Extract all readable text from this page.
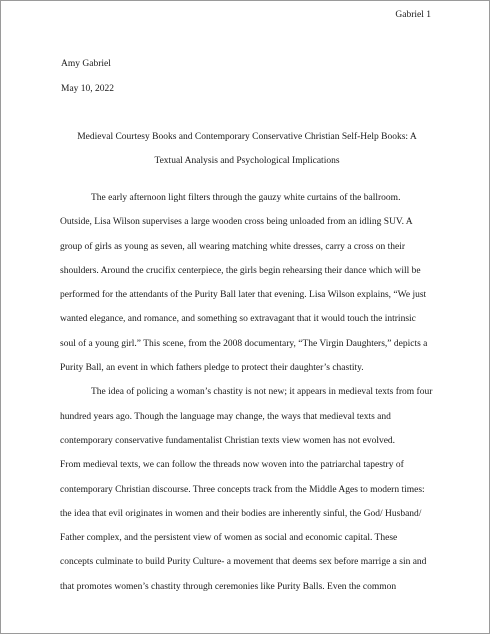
Gabriel 1
Amy Gabriel
May 10, 2022
Medieval Courtesy Books and Contemporary Conservative Christian Self-Help Books: A
Textual Analysis and Psychological Implications

The early afternoon light filters through the gauzy white curtains of the ballroom.
Outside, Lisa Wilson supervises a large wooden cross being unloaded from an idling SUV. A
group of girls as young as seven, all wearing matching white dresses, carry a cross on their
shoulders. Around the crucifix centerpiece, the girls begin rehearsing their dance which will be
performed for the attendants of the Purity Ball later that evening. Lisa Wilson explains, “We just
wanted elegance, and romance, and something so extravagant that it would touch the intrinsic
soul of a young girl.” This scene, from the 2008 documentary, “The Virgin Daughters,” depicts a
Purity Ball, an event in which fathers pledge to protect their daughter’s chastity.

The idea of policing a woman’s chastity is not new; it appears in medieval texts from four
hundred years ago. Though the language may change, the ways that medieval texts and
contemporary conservative fundamentalist Christian texts view women has not evolved.
From medieval texts, we can follow the threads now woven into the patriarchal tapestry of
contemporary Christian discourse. Three concepts track from the Middle Ages to modern times:
the idea that evil originates in women and their bodies are inherently sinful, the God/ Husband/
Father complex, and the persistent view of women as social and economic capital. These
concepts culminate to build Purity Culture- a movement that deems sex before marrige a sin and
that promotes women’s chastity through ceremonies like Purity Balls. Even the common
